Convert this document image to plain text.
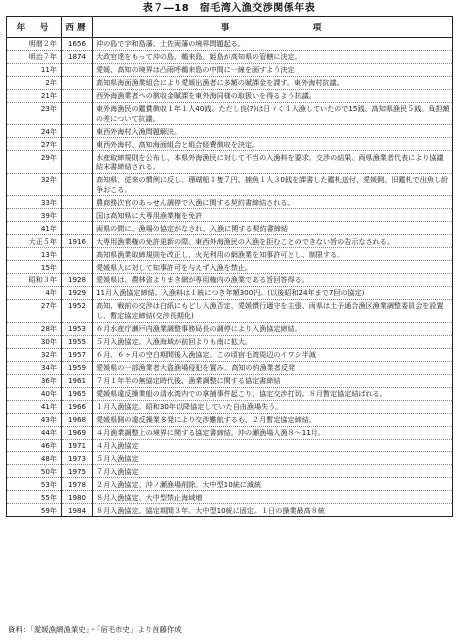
表７―18　宿毛湾入漁交渉関係年表
年　号	西暦	事　　　　　　　項
明暦２年	1656	沖の島で宇和島藩、土佐両藩の境界問題起る。
明治７年	1874	大政官達をもって沖の島、鵜来島、姫島が高知県の管轄に決定。
11年		愛媛、高知の境界は凸雨呼鵜来島の中間に一線を画すよう決定
2年		高知県海面漁業組合により愛媛出漁者に多額の賦課金を課す。東外海村抗議。
21年		西外海漁業者への徴収金賦課を東外海同様の取扱いを得るよう抗議。
23年		東外海漁民の鑑賞徴収１年１人40銭、ただし良(?)は日ゞく１入漁していたので15銭、高知県漁民５銭。負担額の差について抗議。
24年		東西外海村入漁問題解決。
27年		東西外海村、高知海面組合と組合経費徴収を決定。
29年		水産取締規則を公布し、本県外海漁民に対して不当の入漁料を要求。交渉の結果、両県漁業者代表により協議結末書締結される。
32年		高知県、従来の慣例に反し、珊瑚船１隻７円、捕魚１人３0銭を課書した鑑札送付、愛媛側、旧鑑札で出魚し紛争おこる。
33年		農商務次官のあっせん調停で入漁に関する契約書締結される。
39年		国は高知県に大専用漁業権を免許
41年		両県の間に、漁場の協定がなされ、入漁に関する契約書締結
大正５年	1916	大専用漁業権の免許更新の際、東西外海漁民の入漁を拒むことのできない旨の告示なされる。
13年		高知県漁業取締規則を改正し、火光利用の網漁業を知事許可とし、制限する。
15年		愛媛県人に対して知事許可を与えず入漁を禁止。
昭和３年	1928	愛媛県は、農林省よりまき網が専用権内の漁業である旨回答得る。
4年	1929	11月入漁協定締結。入漁料は１統につき年額300円。(以後昭和24年まで7回の協定)
27年	1952	高知、戦前の交渉は白紙にもどし入漁否定、愛媛慣行適守を主張、両県は土予通合漁区漁業調整委員会を設置し、暫定協定締結(交渉長期化)
28年	1953	６月水産庁瀬戸内漁業調整事務局長の調停により入漁協定締結。
30年	1955	５月入漁協定。入漁海域が前回よりも南に拡大。
32年	1957	６月、６ヶ月の空白期間後入漁協定。この頃宿毛湾周辺のイワシ半減
34年	1959	愛媛県の一部漁業者大盗漁場侵犯を置み、高知の約漁業者反発
36年	1961	７月１年半の無協定時代後、漁業調整に関する協定書締結
40年	1965	愛媛県違反操業船の清水湾内での拿捕事件起こり、協定交渉打切。８月暫定協定結ばれる。
41年	1966	１月入漁協定。昭和30年以降協定していた自由漁場失う。
43年	1968	愛媛県側の違反操業多発により交渉難航するも、２月暫定協定締結。
44年	1969	４月漁業調整上の境界に関する協定書締結。沖の瀬漁場入漁８～11月。
46年	1971	４月入漁協定
48年	1973	５月入漁協定
50年	1975	７月入漁協定
53年	1978	２月入漁協定、沖ノ瀬漁場削除。大中型10統に減統
55年	1980	８月入漁協定、大中型禁止海域増
59年	1984	８月入漁協定、協定期間３年。大中型10統に固定。１日の操業最高８統
資料：「愛媛漁網漁業史」・「宿毛市史」より首藤作成
